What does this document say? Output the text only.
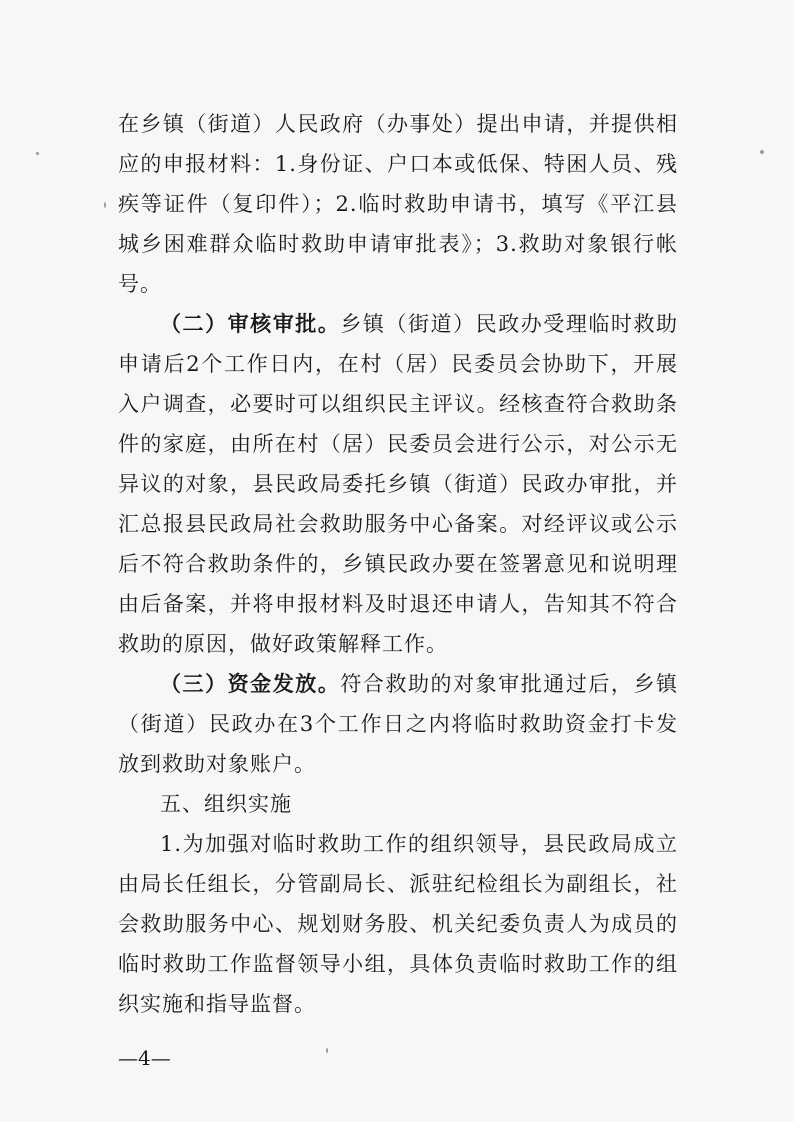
在乡镇（街道）人民政府（办事处）提出申请，并提供相应的申报材料：1.身份证、户口本或低保、特困人员、残疾等证件（复印件）；2.临时救助申请书，填写《平江县城乡困难群众临时救助申请审批表》；3.救助对象银行帐号。

（二）审核审批。乡镇（街道）民政办受理临时救助申请后2个工作日内，在村（居）民委员会协助下，开展入户调查，必要时可以组织民主评议。经核查符合救助条件的家庭，由所在村（居）民委员会进行公示，对公示无异议的对象，县民政局委托乡镇（街道）民政办审批，并汇总报县民政局社会救助服务中心备案。对经评议或公示后不符合救助条件的，乡镇民政办要在签署意见和说明理由后备案，并将申报材料及时退还申请人，告知其不符合救助的原因，做好政策解释工作。

（三）资金发放。符合救助的对象审批通过后，乡镇（街道）民政办在3个工作日之内将临时救助资金打卡发放到救助对象账户。

五、组织实施

1.为加强对临时救助工作的组织领导，县民政局成立由局长任组长，分管副局长、派驻纪检组长为副组长，社会救助服务中心、规划财务股、机关纪委负责人为成员的临时救助工作监督领导小组，具体负责临时救助工作的组织实施和指导监督。

—4—
